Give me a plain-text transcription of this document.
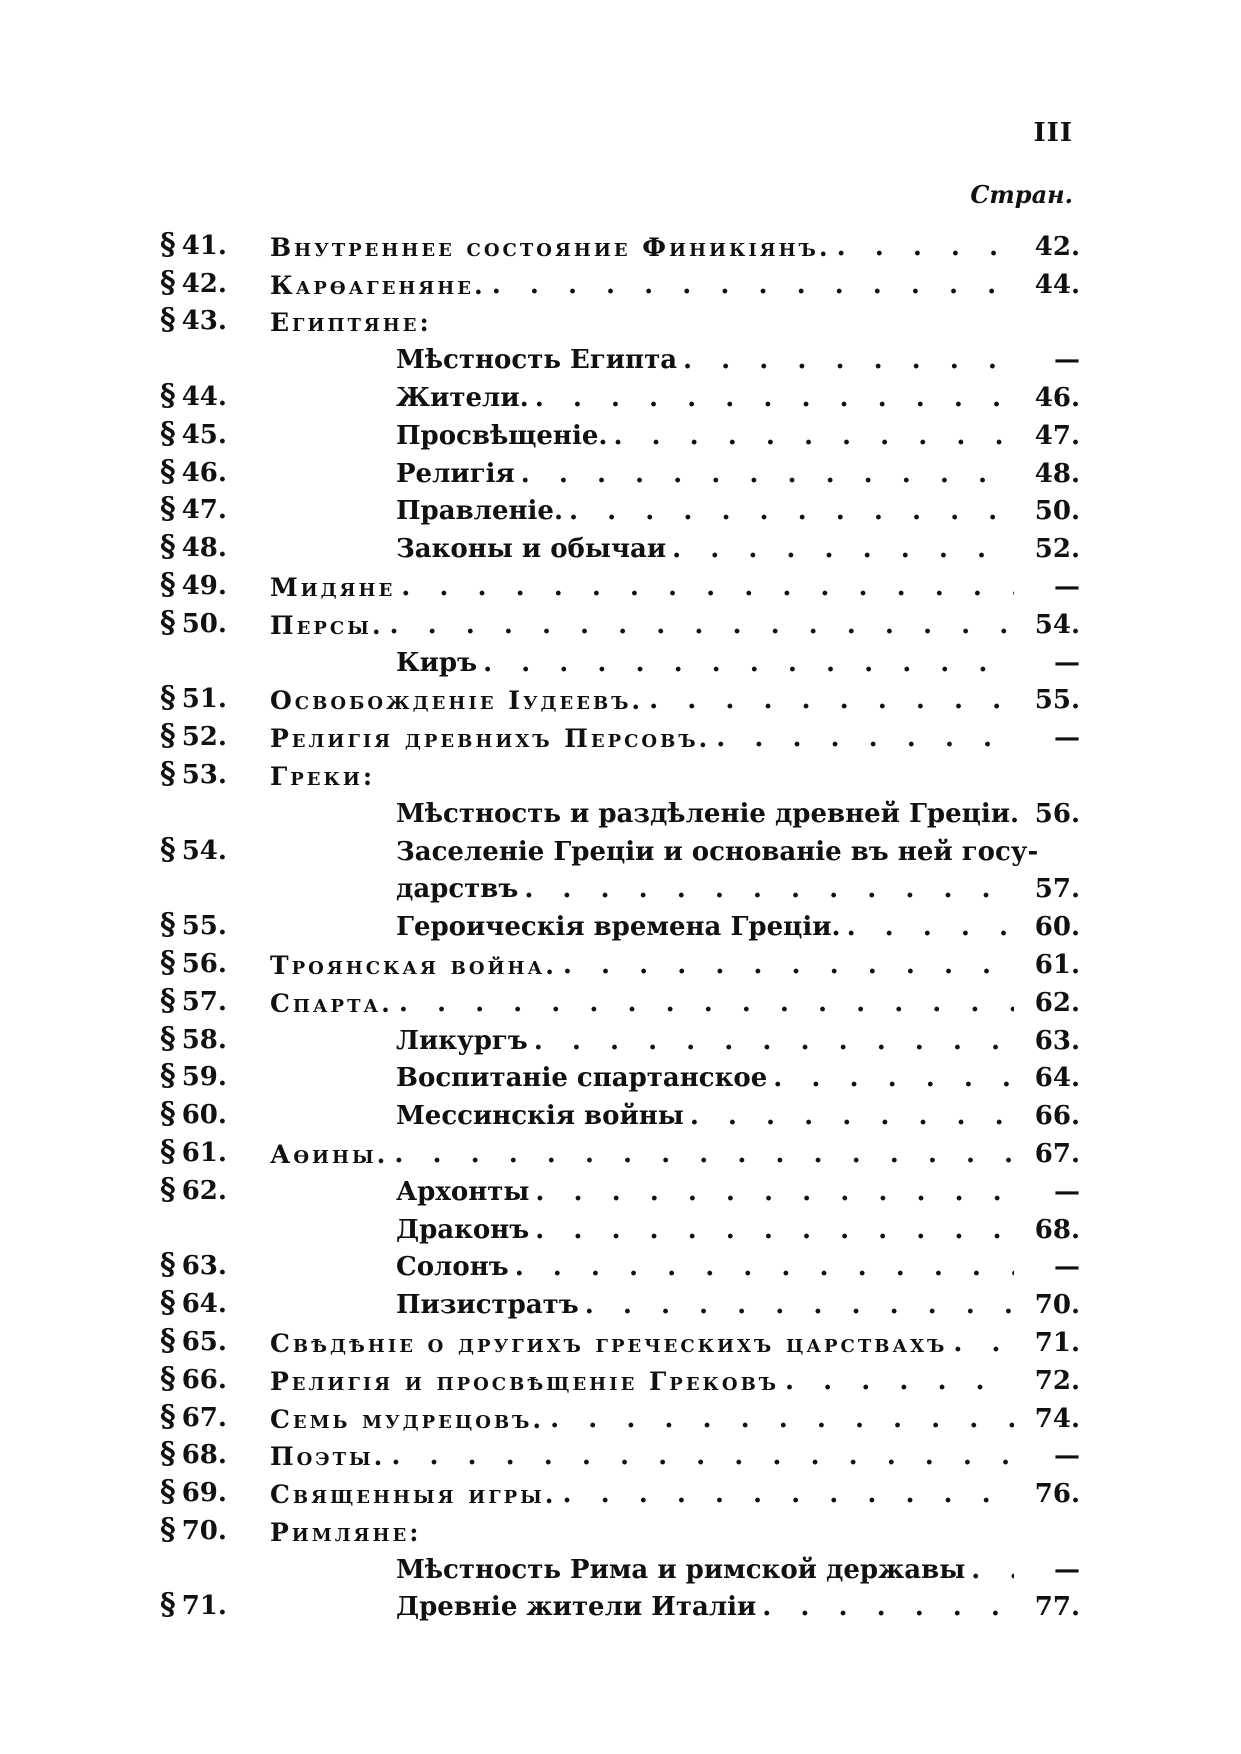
III
Стран.
§ 41.	Внутреннее состояние Финикіянъ. . . .	42.
§ 42.	Карѳагеняне. . . .	44.
§ 43.	Египтяне:
Мѣстность Египта . . .	—
§ 44.	Жители. . . .	46.
§ 45.	Просвѣщеніе. . . .	47.
§ 46.	Религія . . .	48.
§ 47.	Правленіе. . . .	50.
§ 48.	Законы и обычаи . . .	52.
§ 49.	Мидяне . . .	—
§ 50.	Персы. . . .	54.
Киръ . . .	—
§ 51.	Освобожденіе Іудеевъ. . . .	55.
§ 52.	Религія древнихъ Персовъ. . . .	—
§ 53.	Греки:
Мѣстность и раздѣленіе древней Греціи. 56.
§ 54.	Заселеніе Греціи и основаніе въ ней госу-
дарствъ . . .	57.
§ 55.	Героическія времена Греціи. . . .	60.
§ 56.	Троянская война. . . .	61.
§ 57.	Спарта. . . .	62.
§ 58.	Ликургъ . . .	63.
§ 59.	Воспитаніе спартанское . . .	64.
§ 60.	Мессинскія войны . . .	66.
§ 61.	Аѳины. . . .	67.
§ 62.	Архонты . . .	—
Драконъ . . .	68.
§ 63.	Солонъ . . .	—
§ 64.	Пизистратъ . . .	70.
§ 65.	Свѣдѣніе о другихъ греческихъ царствахъ . . .	71.
§ 66.	Религія и просвѣщеніе Грековъ . . .	72.
§ 67.	Семь мудрецовъ. . . .	74.
§ 68.	Поэты. . . .	—
§ 69.	Священныя игры. . . .	76.
§ 70.	Римляне:
Мѣстность Рима и римской державы . . .	—
§ 71.	Древніе жители Италіи . . .	77.
